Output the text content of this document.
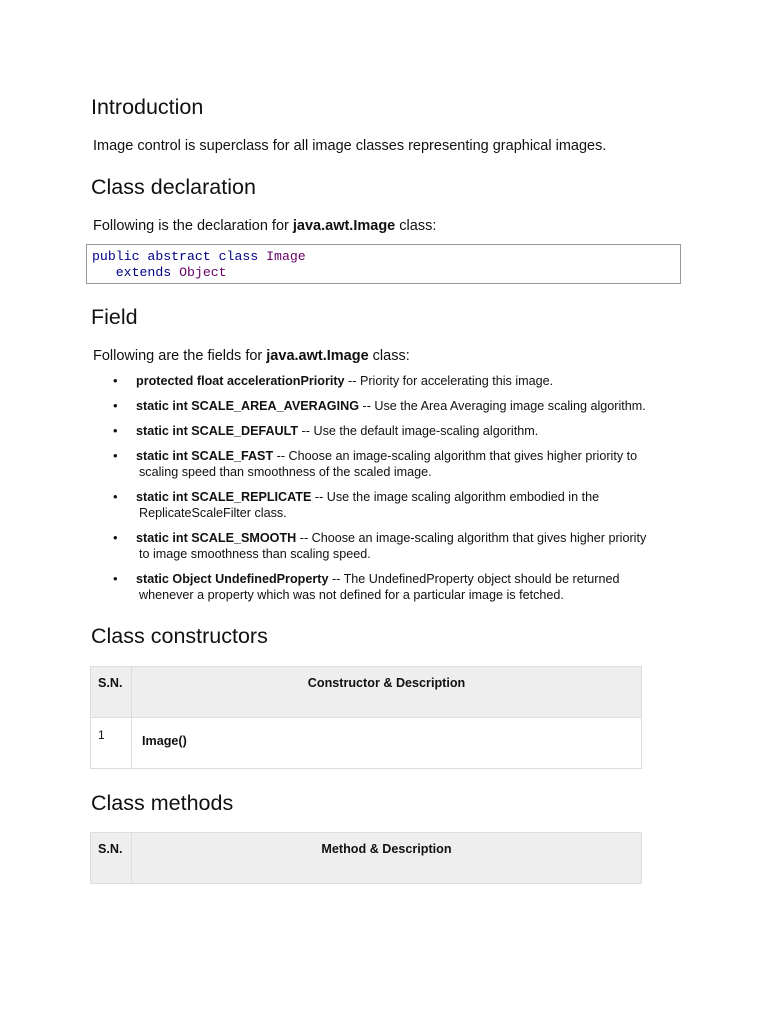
Introduction

Image control is superclass for all image classes representing graphical images.

Class declaration

Following is the declaration for java.awt.Image class:

public abstract class Image
extends Object
Field

Following are the fields for java.awt.Image class:

• protected float accelerationPriority -- Priority for accelerating this image.
• static int SCALE_AREA_AVERAGING -- Use the Area Averaging image scaling algorithm.
• static int SCALE_DEFAULT -- Use the default image-scaling algorithm.
• static int SCALE_FAST -- Choose an image-scaling algorithm that gives higher priority to
scaling speed than smoothness of the scaled image.
• static int SCALE_REPLICATE -- Use the image scaling algorithm embodied in the
ReplicateScaleFilter class.
• static int SCALE_SMOOTH -- Choose an image-scaling algorithm that gives higher priority
to image smoothness than scaling speed.
• static Object UndefinedProperty -- The UndefinedProperty object should be returned
whenever a property which was not defined for a particular image is fetched.
Class constructors
S.N.	Constructor & Description
1	Image()
Class methods
S.N.	Method & Description
